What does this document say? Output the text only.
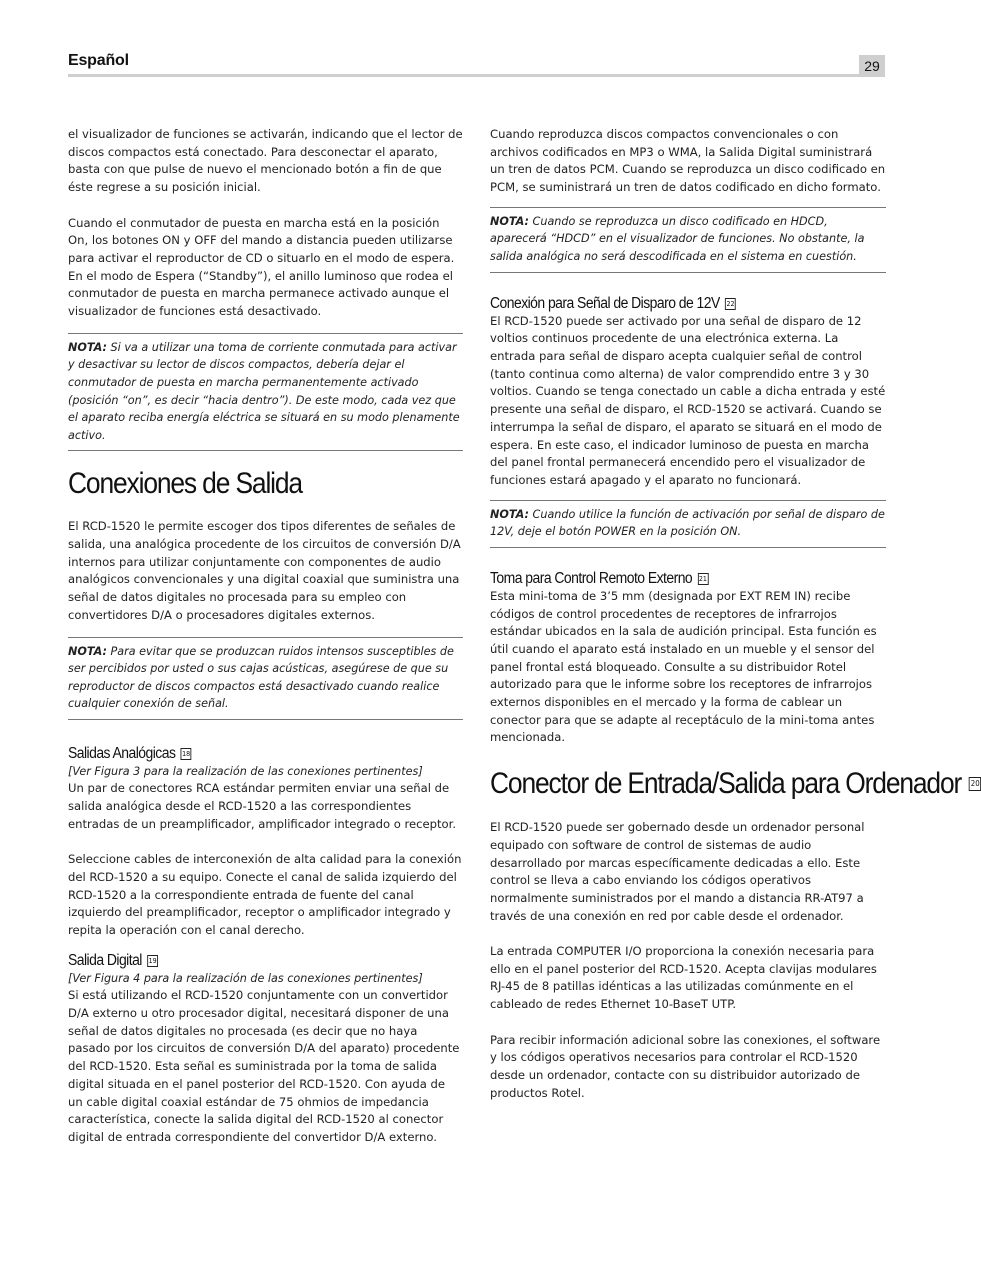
Español	29

el visualizador de funciones se activarán, indicando que el lector de discos compactos está conectado. Para desconectar el aparato, basta con que pulse de nuevo el mencionado botón a fin de que éste regrese a su posición inicial.

Cuando el conmutador de puesta en marcha está en la posición On, los botones ON y OFF del mando a distancia pueden utilizarse para activar el reproductor de CD o situarlo en el modo de espera. En el modo de Espera (“Standby”), el anillo luminoso que rodea el conmutador de puesta en marcha permanece activado aunque el visualizador de funciones está desactivado.

NOTA: Si va a utilizar una toma de corriente conmutada para activar y desactivar su lector de discos compactos, debería dejar el conmutador de puesta en marcha permanentemente activado (posición “on”, es decir “hacia dentro”). De este modo, cada vez que el aparato reciba energía eléctrica se situará en su modo plenamente activo.
Conexiones de Salida

El RCD-1520 le permite escoger dos tipos diferentes de señales de salida, una analógica procedente de los circuitos de conversión D/A internos para utilizar conjuntamente con componentes de audio analógicos convencionales y una digital coaxial que suministra una señal de datos digitales no procesada para su empleo con convertidores D/A o procesadores digitales externos.

NOTA: Para evitar que se produzcan ruidos intensos susceptibles de ser percibidos por usted o sus cajas acústicas, asegúrese de que su reproductor de discos compactos está desactivado cuando realice cualquier conexión de señal.
Salidas Analógicas 18

[Ver Figura 3 para la realización de las conexiones pertinentes]

Un par de conectores RCA estándar permiten enviar una señal de salida analógica desde el RCD-1520 a las correspondientes entradas de un preamplificador, amplificador integrado o receptor.

Seleccione cables de interconexión de alta calidad para la conexión del RCD-1520 a su equipo. Conecte el canal de salida izquierdo del RCD-1520 a la correspondiente entrada de fuente del canal izquierdo del preamplificador, receptor o amplificador integrado y repita la operación con el canal derecho.

Salida Digital 19

[Ver Figura 4 para la realización de las conexiones pertinentes]

Si está utilizando el RCD-1520 conjuntamente con un convertidor D/A externo u otro procesador digital, necesitará disponer de una señal de datos digitales no procesada (es decir que no haya pasado por los circuitos de conversión D/A del aparato) procedente del RCD-1520. Esta señal es suministrada por la toma de salida digital situada en el panel posterior del RCD-1520. Con ayuda de un cable digital coaxial estándar de 75 ohmios de impedancia característica, conecte la salida digital del RCD-1520 al conector digital de entrada correspondiente del convertidor D/A externo.

Cuando reproduzca discos compactos convencionales o con archivos codificados en MP3 o WMA, la Salida Digital suministrará un tren de datos PCM. Cuando se reproduzca un disco codificado en PCM, se suministrará un tren de datos codificado en dicho formato.

NOTA: Cuando se reproduzca un disco codificado en HDCD, aparecerá “HDCD” en el visualizador de funciones. No obstante, la salida analógica no será descodificada en el sistema en cuestión.
Conexión para Señal de Disparo de 12V 22

El RCD-1520 puede ser activado por una señal de disparo de 12 voltios continuos procedente de una electrónica externa. La entrada para señal de disparo acepta cualquier señal de control (tanto continua como alterna) de valor comprendido entre 3 y 30 voltios. Cuando se tenga conectado un cable a dicha entrada y esté presente una señal de disparo, el RCD-1520 se activará. Cuando se interrumpa la señal de disparo, el aparato se situará en el modo de espera. En este caso, el indicador luminoso de puesta en marcha del panel frontal permanecerá encendido pero el visualizador de funciones estará apagado y el aparato no funcionará.

NOTA: Cuando utilice la función de activación por señal de disparo de 12V, deje el botón POWER en la posición ON.
Toma para Control Remoto Externo 21

Esta mini-toma de 3’5 mm (designada por EXT REM IN) recibe códigos de control procedentes de receptores de infrarrojos estándar ubicados en la sala de audición principal. Esta función es útil cuando el aparato está instalado en un mueble y el sensor del panel frontal está bloqueado. Consulte a su distribuidor Rotel autorizado para que le informe sobre los receptores de infrarrojos externos disponibles en el mercado y la forma de cablear un conector para que se adapte al receptáculo de la mini-toma antes mencionada.

Conector de Entrada/Salida para Ordenador 20

El RCD-1520 puede ser gobernado desde un ordenador personal equipado con software de control de sistemas de audio desarrollado por marcas específicamente dedicadas a ello. Este control se lleva a cabo enviando los códigos operativos normalmente suministrados por el mando a distancia RR-AT97 a través de una conexión en red por cable desde el ordenador.

La entrada COMPUTER I/O proporciona la conexión necesaria para ello en el panel posterior del RCD-1520. Acepta clavijas modulares RJ-45 de 8 patillas idénticas a las utilizadas comúnmente en el cableado de redes Ethernet 10-BaseT UTP.

Para recibir información adicional sobre las conexiones, el software y los códigos operativos necesarios para controlar el RCD-1520 desde un ordenador, contacte con su distribuidor autorizado de productos Rotel.
